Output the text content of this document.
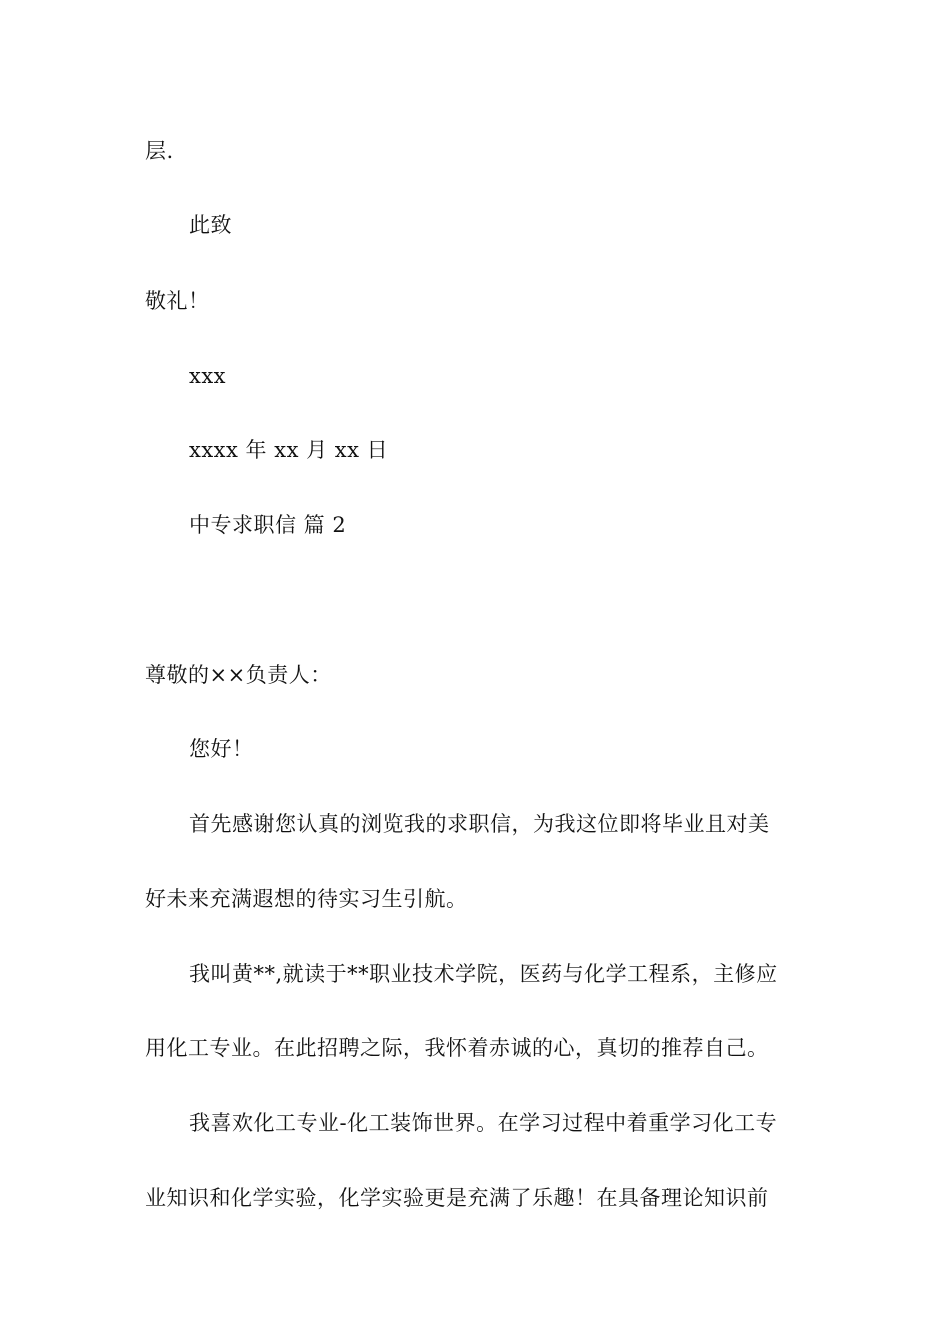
层.
此致
敬礼！
xxx
xxxx 年 xx 月 xx 日
中专求职信 篇 2
尊敬的××负责人：
您好！
首先感谢您认真的浏览我的求职信，为我这位即将毕业且对美
好未来充满遐想的待实习生引航。
我叫黄**,就读于**职业技术学院，医药与化学工程系，主修应
用化工专业。在此招聘之际，我怀着赤诚的心，真切的推荐自己。
我喜欢化工专业-化工装饰世界。在学习过程中着重学习化工专
业知识和化学实验，化学实验更是充满了乐趣！在具备理论知识前
